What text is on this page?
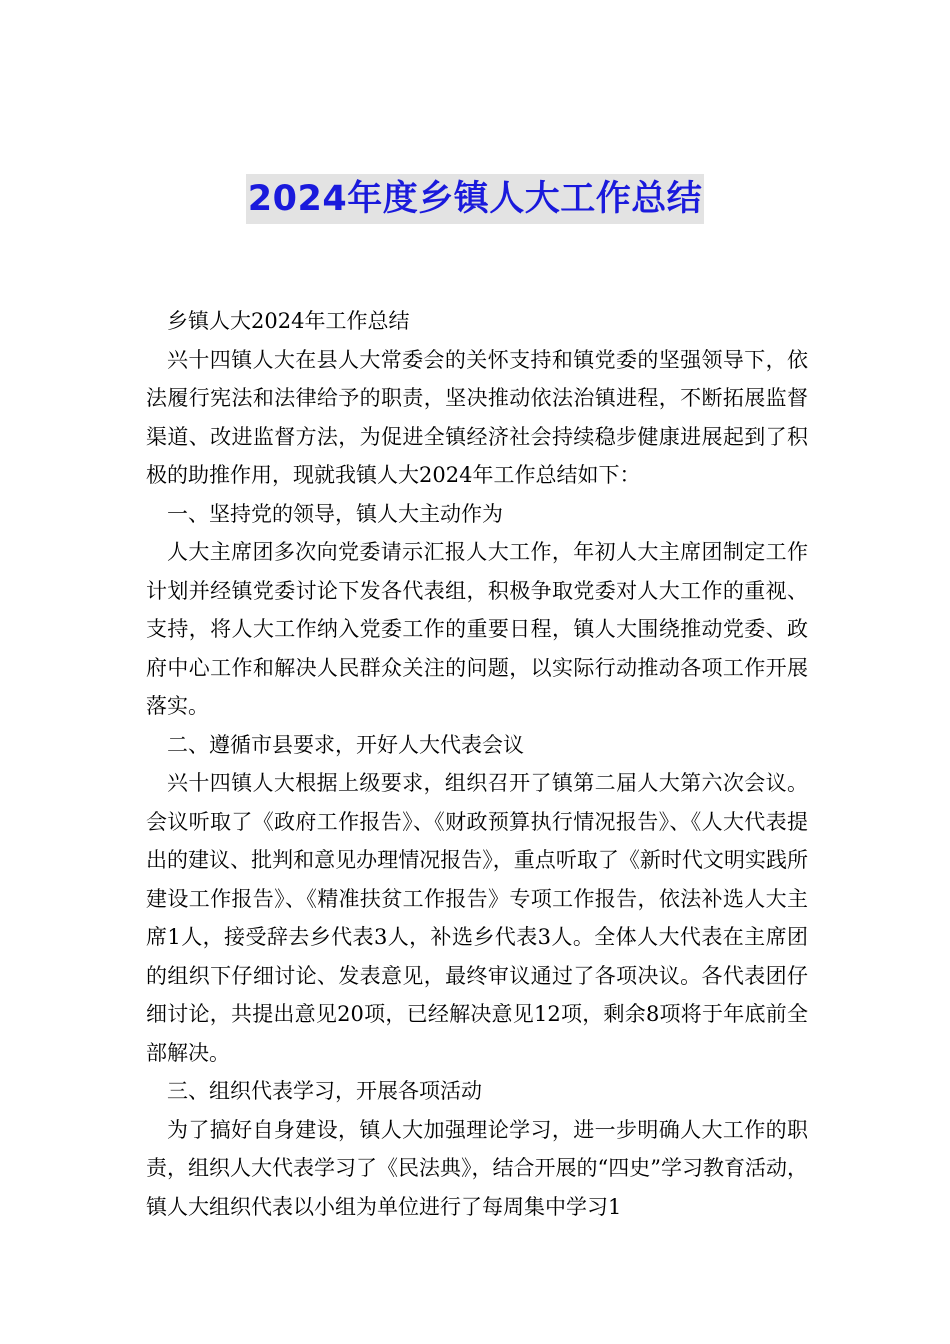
2024年度乡镇人大工作总结

乡镇人大2024年工作总结

兴十四镇人大在县人大常委会的关怀支持和镇党委的坚强领导下，依法履行宪法和法律给予的职责，坚决推动依法治镇进程，不断拓展监督渠道、改进监督方法，为促进全镇经济社会持续稳步健康进展起到了积极的助推作用，现就我镇人大2024年工作总结如下：

一、坚持党的领导，镇人大主动作为

人大主席团多次向党委请示汇报人大工作，年初人大主席团制定工作计划并经镇党委讨论下发各代表组，积极争取党委对人大工作的重视、支持，将人大工作纳入党委工作的重要日程，镇人大围绕推动党委、政府中心工作和解决人民群众关注的问题，以实际行动推动各项工作开展落实。

二、遵循市县要求，开好人大代表会议

兴十四镇人大根据上级要求，组织召开了镇第二届人大第六次会议。会议听取了《政府工作报告》、《财政预算执行情况报告》、《人大代表提出的建议、批判和意见办理情况报告》，重点听取了《新时代文明实践所建设工作报告》、《精准扶贫工作报告》专项工作报告，依法补选人大主席1人，接受辞去乡代表3人，补选乡代表3人。全体人大代表在主席团的组织下仔细讨论、发表意见，最终审议通过了各项决议。各代表团仔细讨论，共提出意见20项，已经解决意见12项，剩余8项将于年底前全部解决。

三、组织代表学习，开展各项活动

为了搞好自身建设，镇人大加强理论学习，进一步明确人大工作的职责，组织人大代表学习了《民法典》，结合开展的“四史”学习教育活动，镇人大组织代表以小组为单位进行了每周集中学习1
